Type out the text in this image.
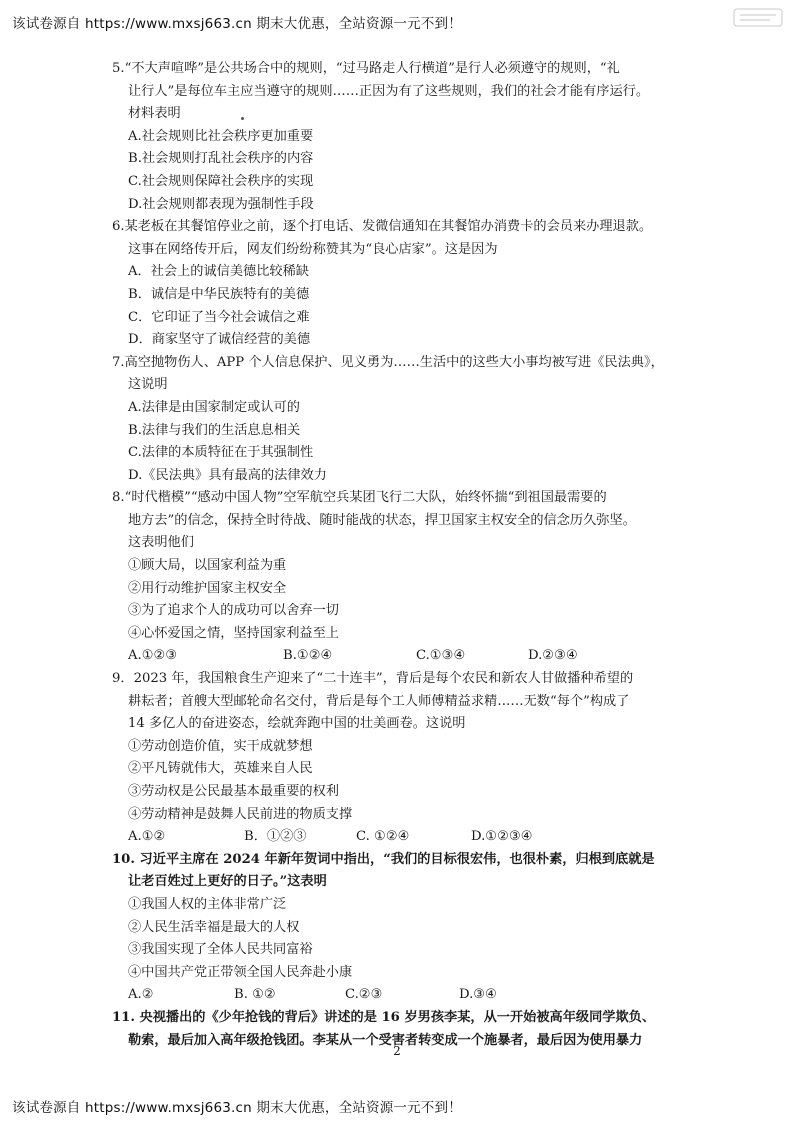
该试卷源自 https://www.mxsj663.cn 期末大优惠，全站资源一元不到！
5.“不大声喧哗”是公共场合中的规则，“过马路走人行横道”是行人必须遵守的规则，“礼
让行人”是每位车主应当遵守的规则……正因为有了这些规则，我们的社会才能有序运行。
材料表明
A.社会规则比社会秩序更加重要
B.社会规则打乱社会秩序的内容
C.社会规则保障社会秩序的实现
D.社会规则都表现为强制性手段
6.某老板在其餐馆停业之前，逐个打电话、发微信通知在其餐馆办消费卡的会员来办理退款。
这事在网络传开后，网友们纷纷称赞其为“良心店家”。这是因为
A．社会上的诚信美德比较稀缺
B．诚信是中华民族特有的美德
C．它印证了当今社会诚信之难
D．商家坚守了诚信经营的美德
7.高空抛物伤人、APP 个人信息保护、见义勇为……生活中的这些大小事均被写进《民法典》，
这说明
A.法律是由国家制定或认可的
B.法律与我们的生活息息相关
C.法律的本质特征在于其强制性
D.《民法典》具有最高的法律效力
8.“时代楷模”“感动中国人物”空军航空兵某团飞行二大队，始终怀揣“到祖国最需要的
地方去”的信念，保持全时待战、随时能战的状态，捍卫国家主权安全的信念历久弥坚。
这表明他们
①顾大局，以国家利益为重
②用行动维护国家主权安全
③为了追求个人的成功可以舍弃一切
④心怀爱国之情，坚持国家利益至上
A.①②③	B.①②④	C.①③④	D.②③④
9．2023 年，我国粮食生产迎来了“二十连丰”，背后是每个农民和新农人甘做播种希望的
耕耘者；首艘大型邮轮命名交付，背后是每个工人师傅精益求精……无数“每个”构成了
14 多亿人的奋进姿态，绘就奔跑中国的壮美画卷。这说明
①劳动创造价值，实干成就梦想
②平凡铸就伟大，英雄来自人民
③劳动权是公民最基本最重要的权利
④劳动精神是鼓舞人民前进的物质支撑
A.①②	B．①②③	C. ①②④	D.①②③④
10. 习近平主席在 2024 年新年贺词中指出，“我们的目标很宏伟，也很朴素，归根到底就是
让老百姓过上更好的日子。”这表明
①我国人权的主体非常广泛
②人民生活幸福是最大的人权
③我国实现了全体人民共同富裕
④中国共产党正带领全国人民奔赴小康
A.②	B. ①②	C.②③	D.③④
11. 央视播出的《少年抢钱的背后》讲述的是 16 岁男孩李某，从一开始被高年级同学欺负、
勒索，最后加入高年级抢钱团。李某从一个受害者转变成一个施暴者，最后因为使用暴力
2
该试卷源自 https://www.mxsj663.cn 期末大优惠，全站资源一元不到！
